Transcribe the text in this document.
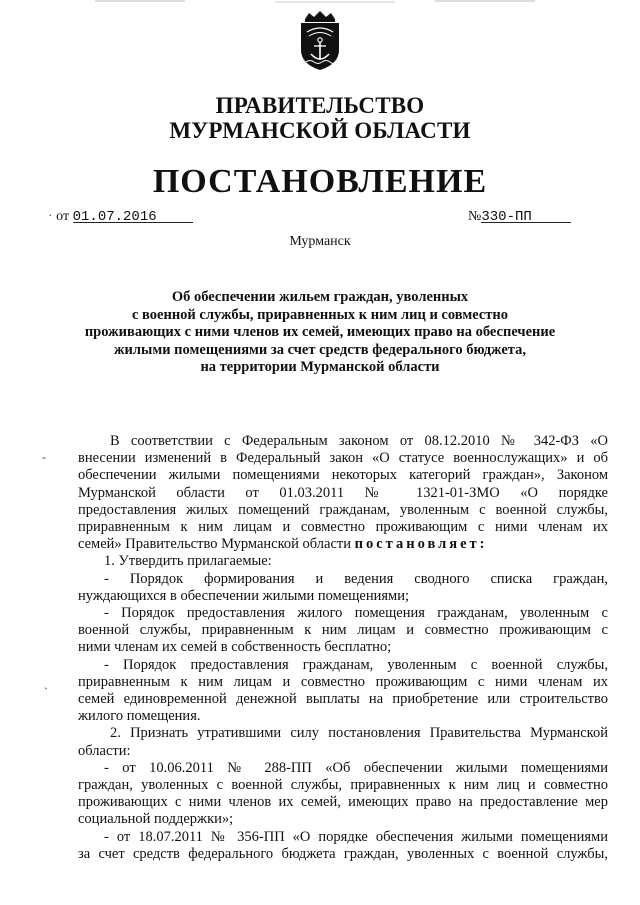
ПРАВИТЕЛЬСТВО
МУРМАНСКОЙ ОБЛАСТИ
ПОСТАНОВЛЕНИЕ
· от 01.07.2016	№330-ПП
Мурманск
Об обеспечении жильем граждан, уволенных
с военной службы, приравненных к ним лиц и совместно
проживающих с ними членов их семей, имеющих право на обеспечение
жилыми помещениями за счет средств федерального бюджета,
на территории Мурманской области
-
ˏ

В соответствии с Федеральным законом от 08.12.2010 № 342-ФЗ «О

внесении изменений в Федеральный закон «О статусе военнослужащих» и об

обеспечении жилыми помещениями некоторых категорий граждан», Законом

Мурманской области от 01.03.2011 № 1321-01-ЗМО «О порядке

предоставления жилых помещений гражданам, уволенным с военной службы,

приравненным к ним лицам и совместно проживающим с ними членам их

семей» Правительство Мурманской области постановляет:

1. Утвердить прилагаемые:

- Порядок формирования и ведения сводного списка граждан,

нуждающихся в обеспечении жилыми помещениями;

- Порядок предоставления жилого помещения гражданам, уволенным с

военной службы, приравненным к ним лицам и совместно проживающим с

ними членам их семей в собственность бесплатно;

- Порядок предоставления гражданам, уволенным с военной службы,

приравненным к ним лицам и совместно проживающим с ними членам их

семей единовременной денежной выплаты на приобретение или строительство

жилого помещения.

2. Признать утратившими силу постановления Правительства Мурманской

области:

- от 10.06.2011 № 288-ПП «Об обеспечении жилыми помещениями

граждан, уволенных с военной службы, приравненных к ним лиц и совместно

проживающих с ними членов их семей, имеющих право на предоставление мер

социальной поддержки»;

- от 18.07.2011 № 356-ПП «О порядке обеспечения жилыми помещениями

за счет средств федерального бюджета граждан, уволенных с военной службы,
